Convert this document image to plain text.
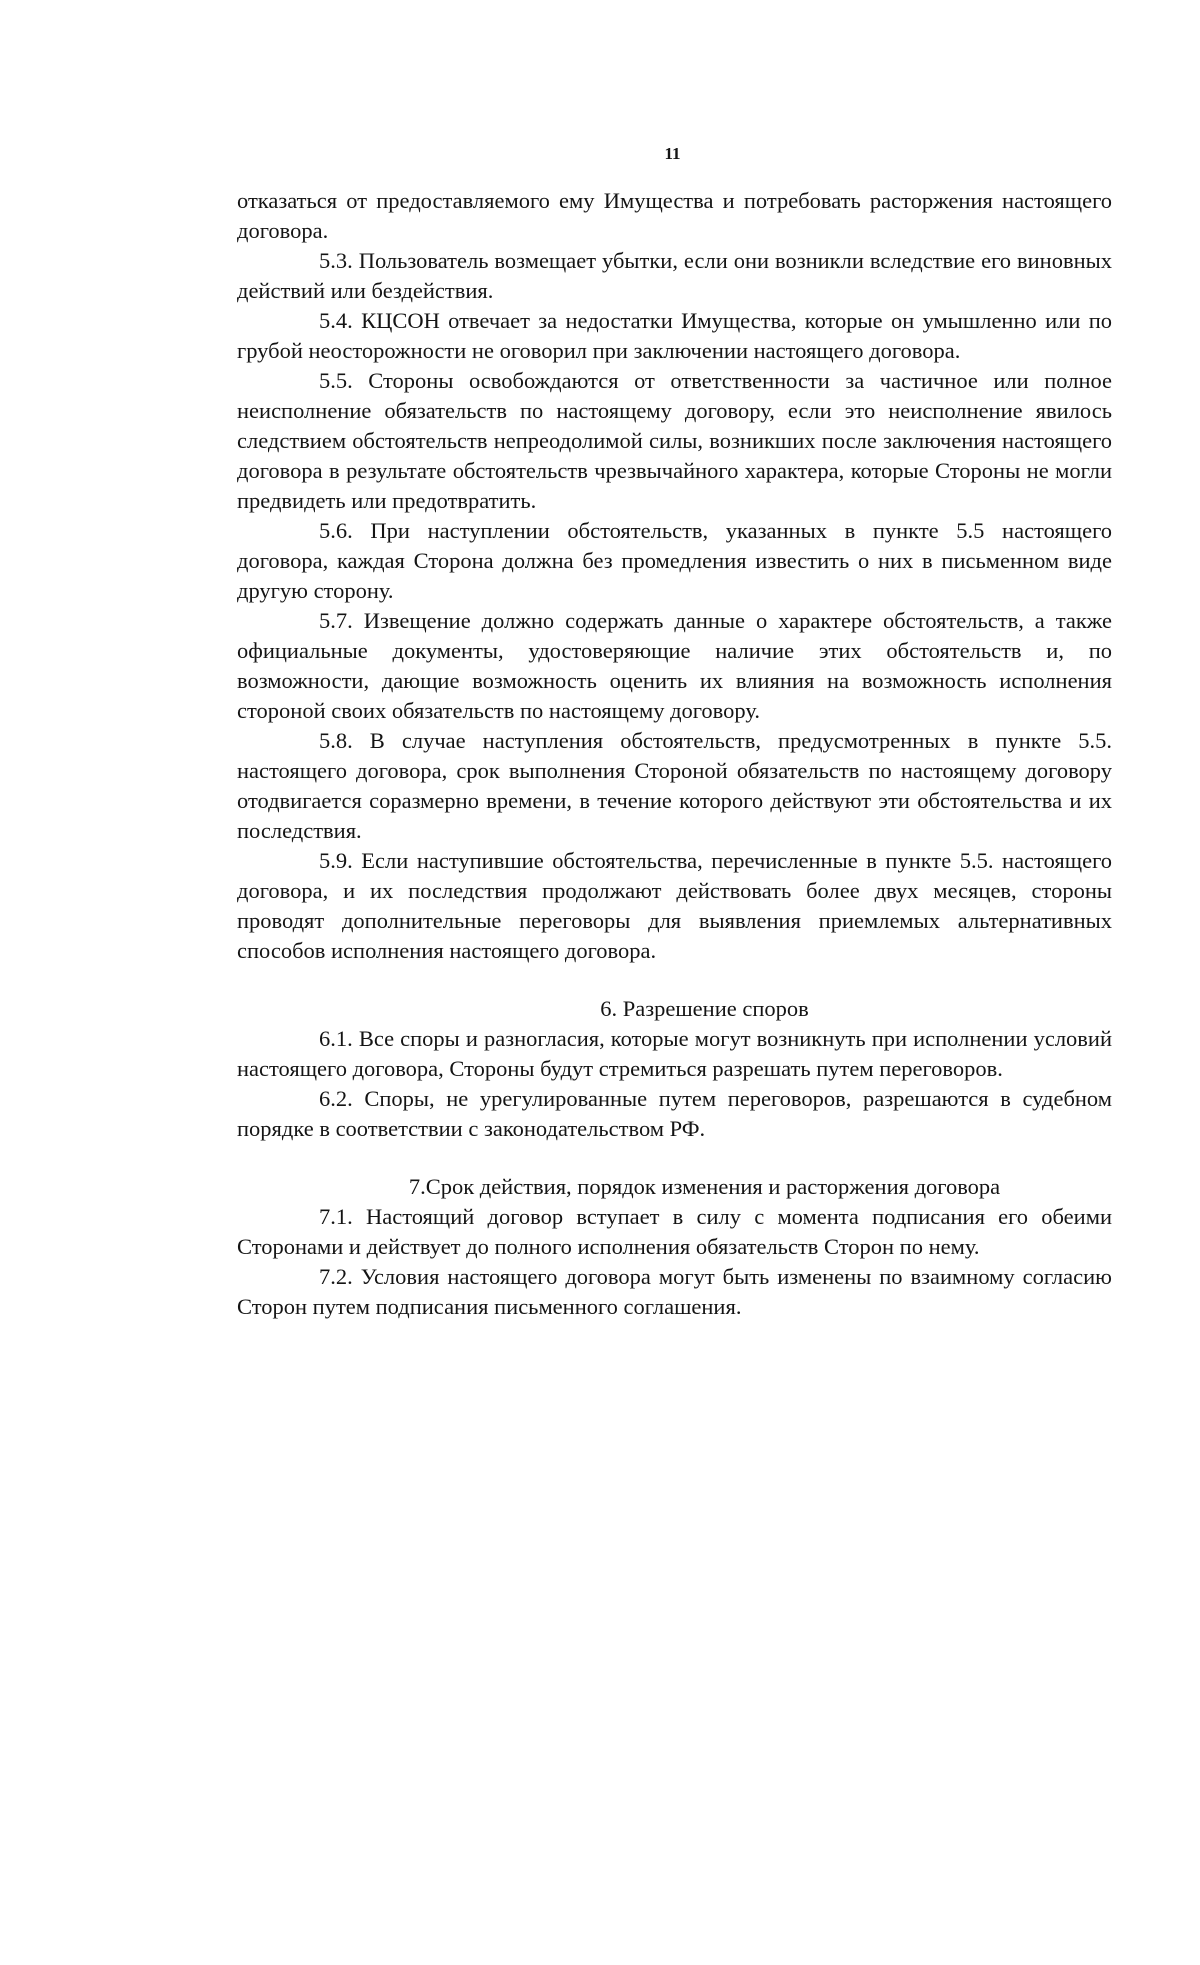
11

отказаться от предоставляемого ему Имущества и потребовать расторжения настоящего договора.

5.3. Пользователь возмещает убытки, если они возникли вследствие его виновных действий или бездействия.

5.4. КЦСОН отвечает за недостатки Имущества, которые он умышленно или по грубой неосторожности не оговорил при заключении настоящего договора.

5.5. Стороны освобождаются от ответственности за частичное или полное неисполнение обязательств по настоящему договору, если это неисполнение явилось следствием обстоятельств непреодолимой силы, возникших после заключения настоящего договора в результате обстоятельств чрезвычайного характера, которые Стороны не могли предвидеть или предотвратить.

5.6. При наступлении обстоятельств, указанных в пункте 5.5 настоящего договора, каждая Сторона должна без промедления известить о них в письменном виде другую сторону.

5.7. Извещение должно содержать данные о характере обстоятельств, а также официальные документы, удостоверяющие наличие этих обстоятельств и, по возможности, дающие возможность оценить их влияния на возможность исполнения стороной своих обязательств по настоящему договору.

5.8. В случае наступления обстоятельств, предусмотренных в пункте 5.5. настоящего договора, срок выполнения Стороной обязательств по настоящему договору отодвигается соразмерно времени, в течение которого действуют эти обстоятельства и их последствия.

5.9. Если наступившие обстоятельства, перечисленные в пункте 5.5. настоящего договора, и их последствия продолжают действовать более двух месяцев, стороны проводят дополнительные переговоры для выявления приемлемых альтернативных способов исполнения настоящего договора.

6. Разрешение споров

6.1. Все споры и разногласия, которые могут возникнуть при исполнении условий настоящего договора, Стороны будут стремиться разрешать путем переговоров.

6.2. Споры, не урегулированные путем переговоров, разрешаются в судебном порядке в соответствии с законодательством РФ.

7.Срок действия, порядок изменения и расторжения договора

7.1. Настоящий договор вступает в силу с момента подписания его обеими Сторонами и действует до полного исполнения обязательств Сторон по нему.

7.2. Условия настоящего договора могут быть изменены по взаимному согласию Сторон путем подписания письменного соглашения.
